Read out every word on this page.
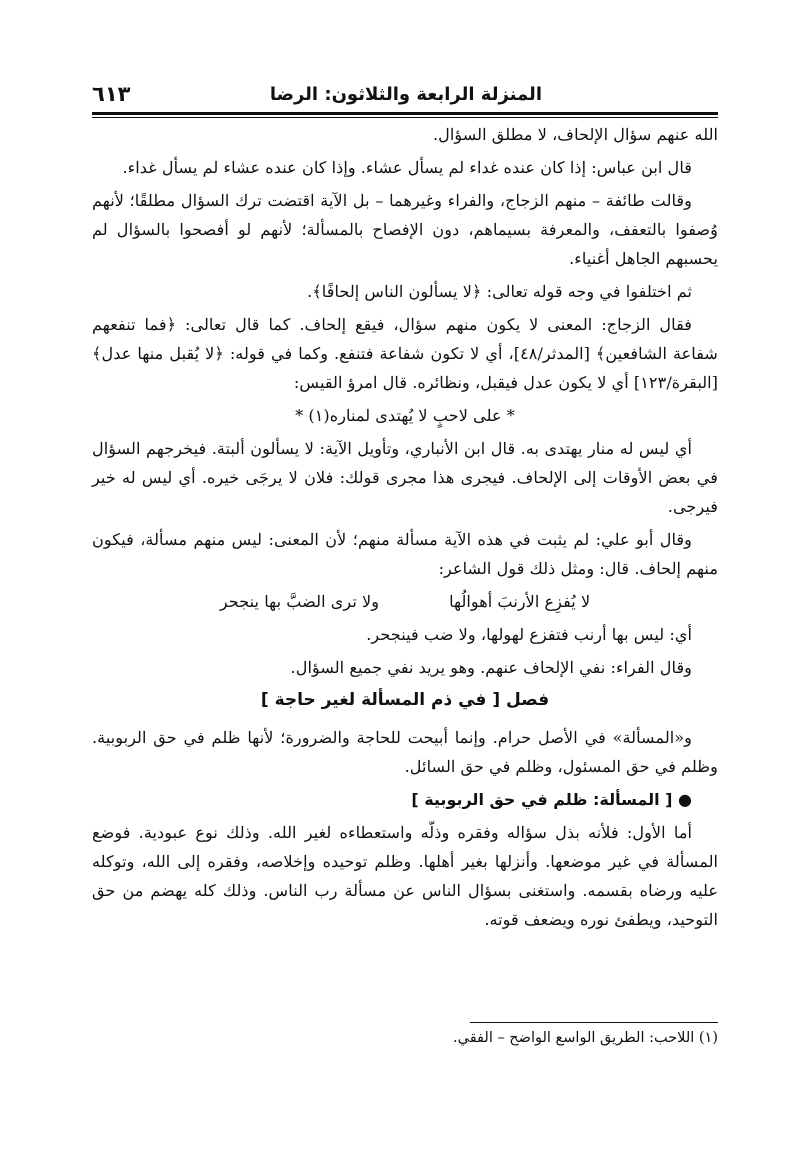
المنزلة الرابعة والثلاثون: الرضا
٦١٣

الله عنهم سؤال الإلحاف، لا مطلق السؤال.

قال ابن عباس: إذا كان عنده غداء لم يسأل عشاء. وإذا كان عنده عشاء لم يسأل غداء.

وقالت طائفة – منهم الزجاج، والفراء وغيرهما – بل الآية اقتضت ترك السؤال مطلقًا؛ لأنهم وُصفوا بالتعفف، والمعرفة بسيماهم، دون الإفصاح بالمسألة؛ لأنهم لو أفصحوا بالسؤال لم يحسبهم الجاهل أغنياء.

ثم اختلفوا في وجه قوله تعالى: ﴿لا يسألون الناس إلحافًا﴾.

فقال الزجاج: المعنى لا يكون منهم سؤال، فيقع إلحاف. كما قال تعالى: ﴿فما تنفعهم شفاعة الشافعين﴾ [المدثر/٤٨]، أي لا تكون شفاعة فتنفع. وكما في قوله: ﴿لا يُقبل منها عدل﴾ [البقرة/١٢٣] أي لا يكون عدل فيقبل، ونظائره. قال امرؤ القيس:

* على لاحبٍ لا يُهتدى لمناره(١) *

أي ليس له منار يهتدى به. قال ابن الأنباري، وتأويل الآية: لا يسألون ألبتة. فيخرجهم السؤال في بعض الأوقات إلى الإلحاف. فيجرى هذا مجرى قولك: فلان لا يرجَى خيره. أي ليس له خير فيرجى.

وقال أبو علي: لم يثبت في هذه الآية مسألة منهم؛ لأن المعنى: ليس منهم مسألة، فيكون منهم إلحاف. قال: ومثل ذلك قول الشاعر:

لا يُفزِع الأرنبَ أهوالُها
ولا ترى الضبَّ بها ينجحر

أي: ليس بها أرنب فتفزع لهولها، ولا ضب فينجحر.

وقال الفراء: نفي الإلحاف عنهم. وهو يريد نفي جميع السؤال.

فصل [ في ذم المسألة لغير حاجة ]

و«المسألة» في الأصل حرام. وإنما أبيحت للحاجة والضرورة؛ لأنها ظلم في حق الربوبية. وظلم في حق المسئول، وظلم في حق السائل.

● [ المسألة: ظلم في حق الربوبية ]

أما الأول: فلأنه بذل سؤاله وفقره وذلّه واستعطاءه لغير الله. وذلك نوع عبودية. فوضع المسألة في غير موضعها. وأنزلها بغير أهلها. وظلم توحيده وإخلاصه، وفقره إلى الله، وتوكله عليه ورضاه بقسمه. واستغنى بسؤال الناس عن مسألة رب الناس. وذلك كله يهضم من حق التوحيد، ويطفئ نوره ويضعف قوته.

(١) اللاحب: الطريق الواسع الواضح – الفقي.
